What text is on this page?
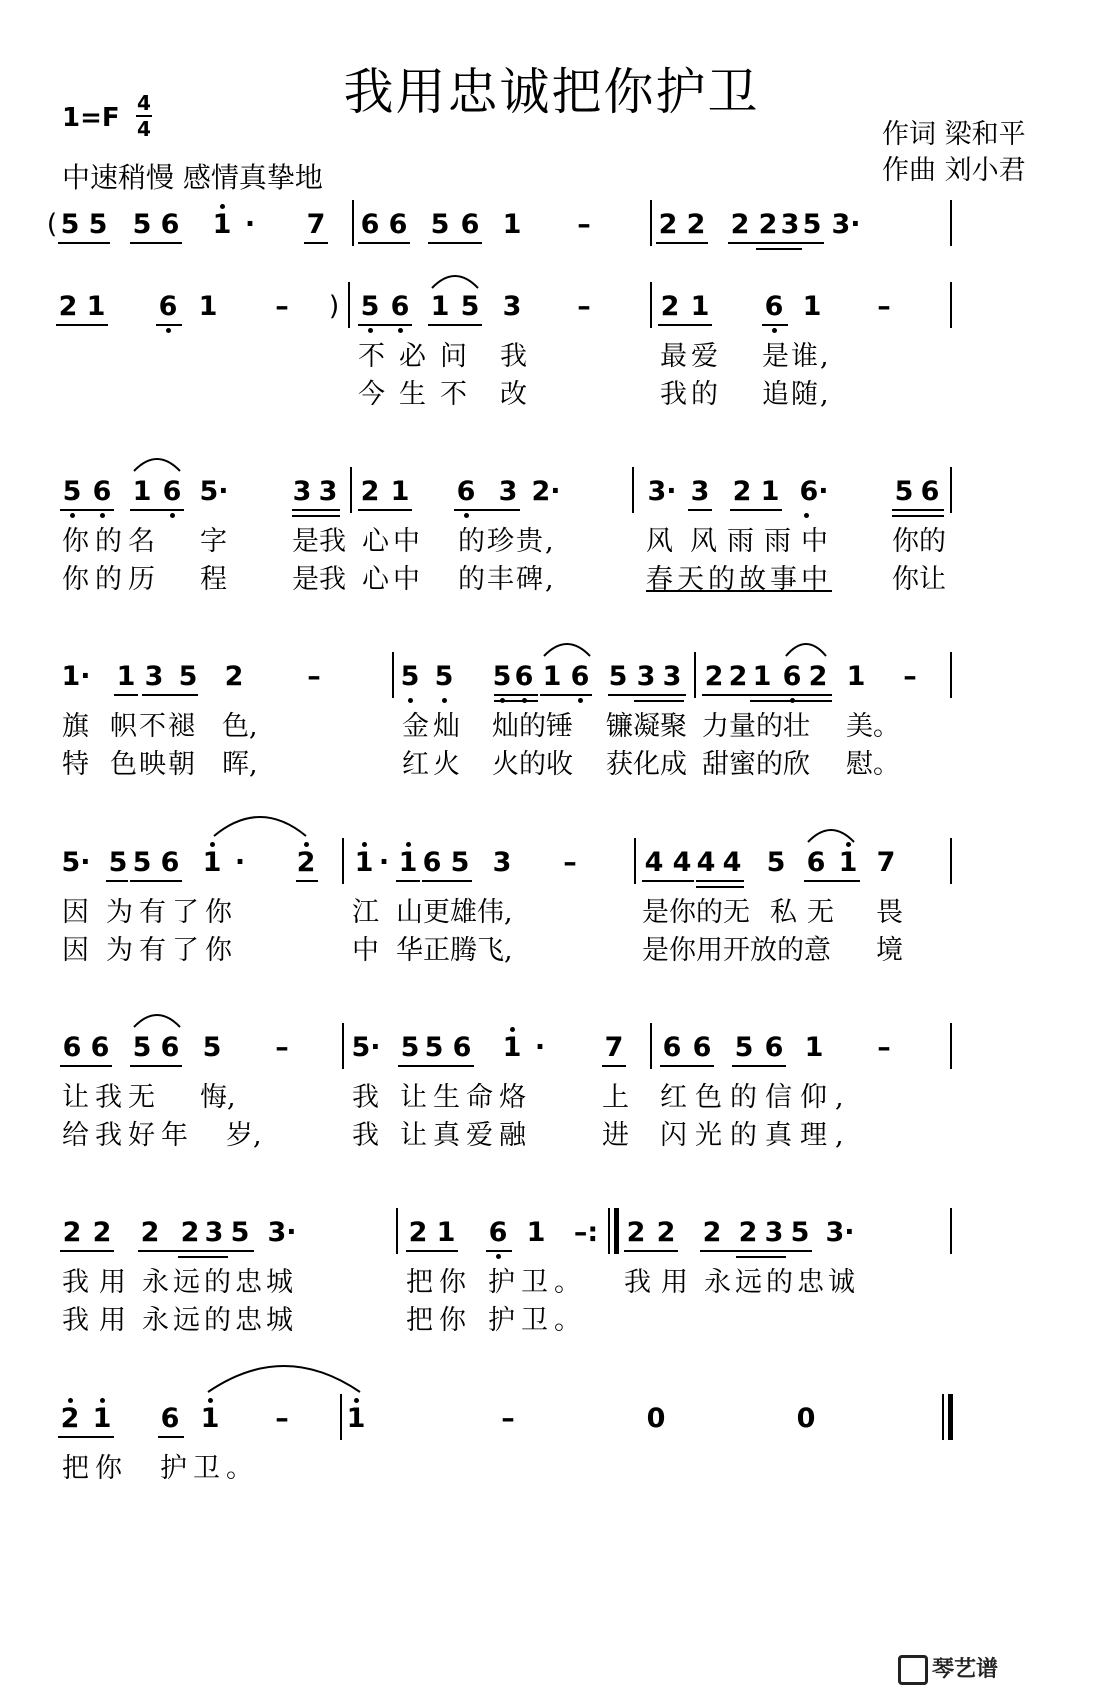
我用忠诚把你护卫
1=F 4
4
中速稍慢 感情真挚地
作词 梁和平
作曲 刘小君
( 5 5 5 6 1 · 7 6 6 5 6 1 –	2 2 2 2 3 5 3·
2 1 6 1 – ) 5 6 1 5 3 –	2 1 6 1 –
不必问 我	最爱 是谁,
今生不 改	我的 追随,
5 6 1 6 5· 3 3 2 1 6 3 2·	3· 3 2 1 6· 5 6
你的名 字 是我 心中 的珍贵,	风 风雨雨中 你的
你的历 程 是我 心中 的丰碑,	春天的故事中 你让
1· 1 3 5 2 –	5 5 5 6 1 6 5 3 3 2 2 1 6 2 1 –
旗 帜不褪 色,	金灿 灿的锤 镰凝聚 力量的壮 美。
特 色映朝 晖,	红火 火的收 获化成 甜蜜的欣 慰。
5· 5 5 6 1 · 2 1 · 1 6 5 3 –	4 4 4 4 5 6 1 7
因 为有了你	江 山更雄伟,	是你的无 私无 畏
因 为有了你	中 华正腾飞,	是你用开放的意 境
6 6 5 6 5 – 5· 5 5 6 1 · 7 6 6 5 6 1 –
让我无 悔,	我 让生命烙	上 红色的信仰,
给我好年 岁,	我 让真爱融	进 闪光的真理,
2 2 2 2 3 5 3·	2 1 6 1 –: 2 2 2 2 3 5 3·
我用 永远的忠城	把你 护卫。 我用 永远的忠诚
我用 永远的忠城	把你 护卫。
2 1 6 1 – 1	–	0	0
把你 护卫。
琴艺谱
